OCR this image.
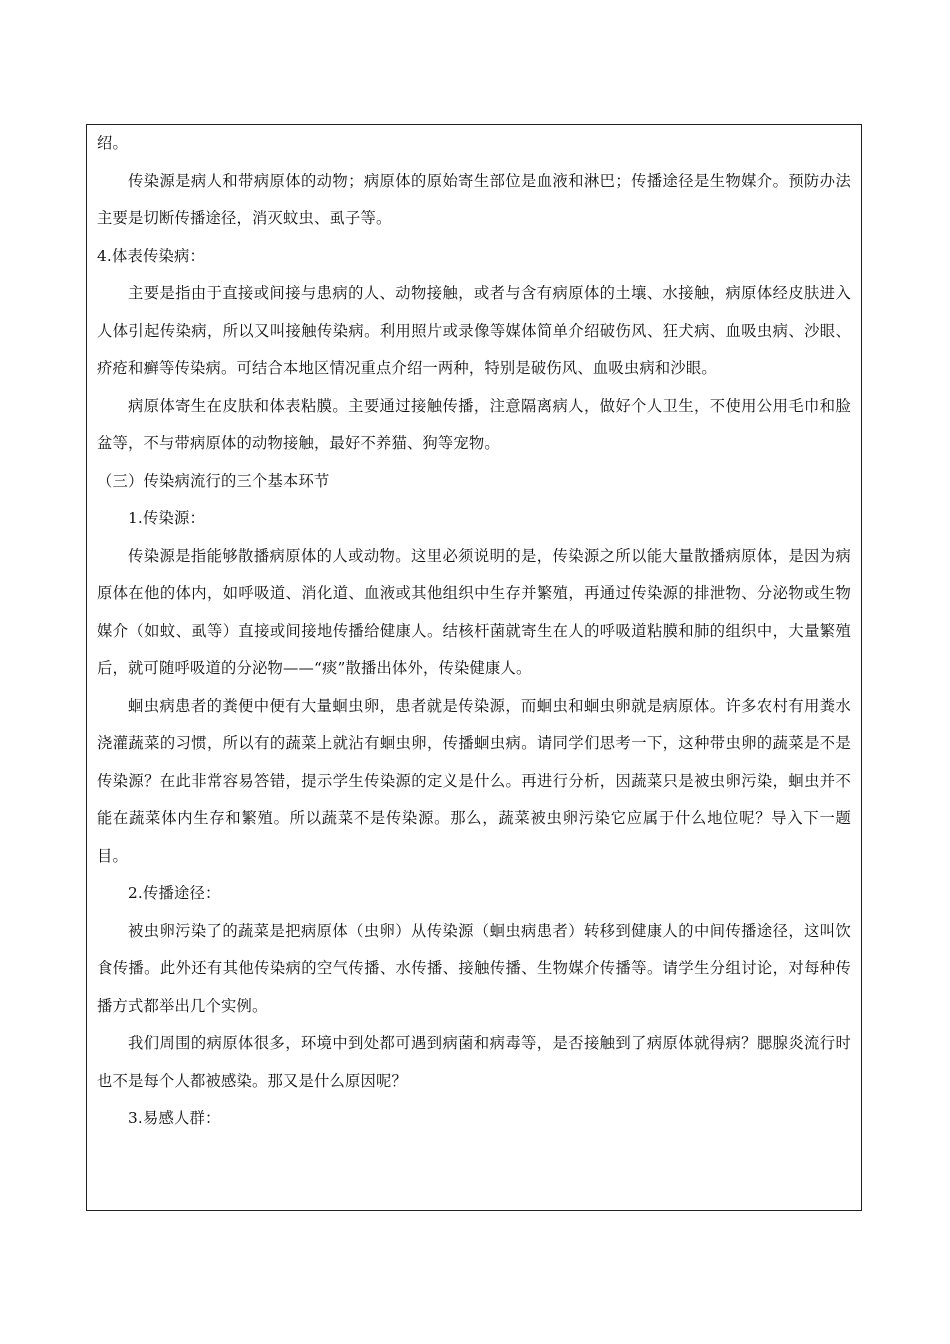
绍。

传染源是病人和带病原体的动物；病原体的原始寄生部位是血液和淋巴；传播途径是生物媒介。预防办法主要是切断传播途径，消灭蚊虫、虱子等。

4.体表传染病：

主要是指由于直接或间接与患病的人、动物接触，或者与含有病原体的土壤、水接触，病原体经皮肤进入人体引起传染病，所以又叫接触传染病。利用照片或录像等媒体简单介绍破伤风、狂犬病、血吸虫病、沙眼、疥疮和癣等传染病。可结合本地区情况重点介绍一两种，特别是破伤风、血吸虫病和沙眼。

病原体寄生在皮肤和体表粘膜。主要通过接触传播，注意隔离病人，做好个人卫生，不使用公用毛巾和脸盆等，不与带病原体的动物接触，最好不养猫、狗等宠物。

（三）传染病流行的三个基本环节

1.传染源：

传染源是指能够散播病原体的人或动物。这里必须说明的是，传染源之所以能大量散播病原体，是因为病原体在他的体内，如呼吸道、消化道、血液或其他组织中生存并繁殖，再通过传染源的排泄物、分泌物或生物媒介（如蚊、虱等）直接或间接地传播给健康人。结核杆菌就寄生在人的呼吸道粘膜和肺的组织中，大量繁殖后，就可随呼吸道的分泌物——“痰”散播出体外，传染健康人。

蛔虫病患者的粪便中便有大量蛔虫卵，患者就是传染源，而蛔虫和蛔虫卵就是病原体。许多农村有用粪水浇灌蔬菜的习惯，所以有的蔬菜上就沾有蛔虫卵，传播蛔虫病。请同学们思考一下，这种带虫卵的蔬菜是不是传染源？在此非常容易答错，提示学生传染源的定义是什么。再进行分析，因蔬菜只是被虫卵污染，蛔虫并不能在蔬菜体内生存和繁殖。所以蔬菜不是传染源。那么，蔬菜被虫卵污染它应属于什么地位呢？导入下一题目。

2.传播途径：

被虫卵污染了的蔬菜是把病原体（虫卵）从传染源（蛔虫病患者）转移到健康人的中间传播途径，这叫饮食传播。此外还有其他传染病的空气传播、水传播、接触传播、生物媒介传播等。请学生分组讨论，对每种传播方式都举出几个实例。

我们周围的病原体很多，环境中到处都可遇到病菌和病毒等，是否接触到了病原体就得病？腮腺炎流行时也不是每个人都被感染。那又是什么原因呢？

3.易感人群：
